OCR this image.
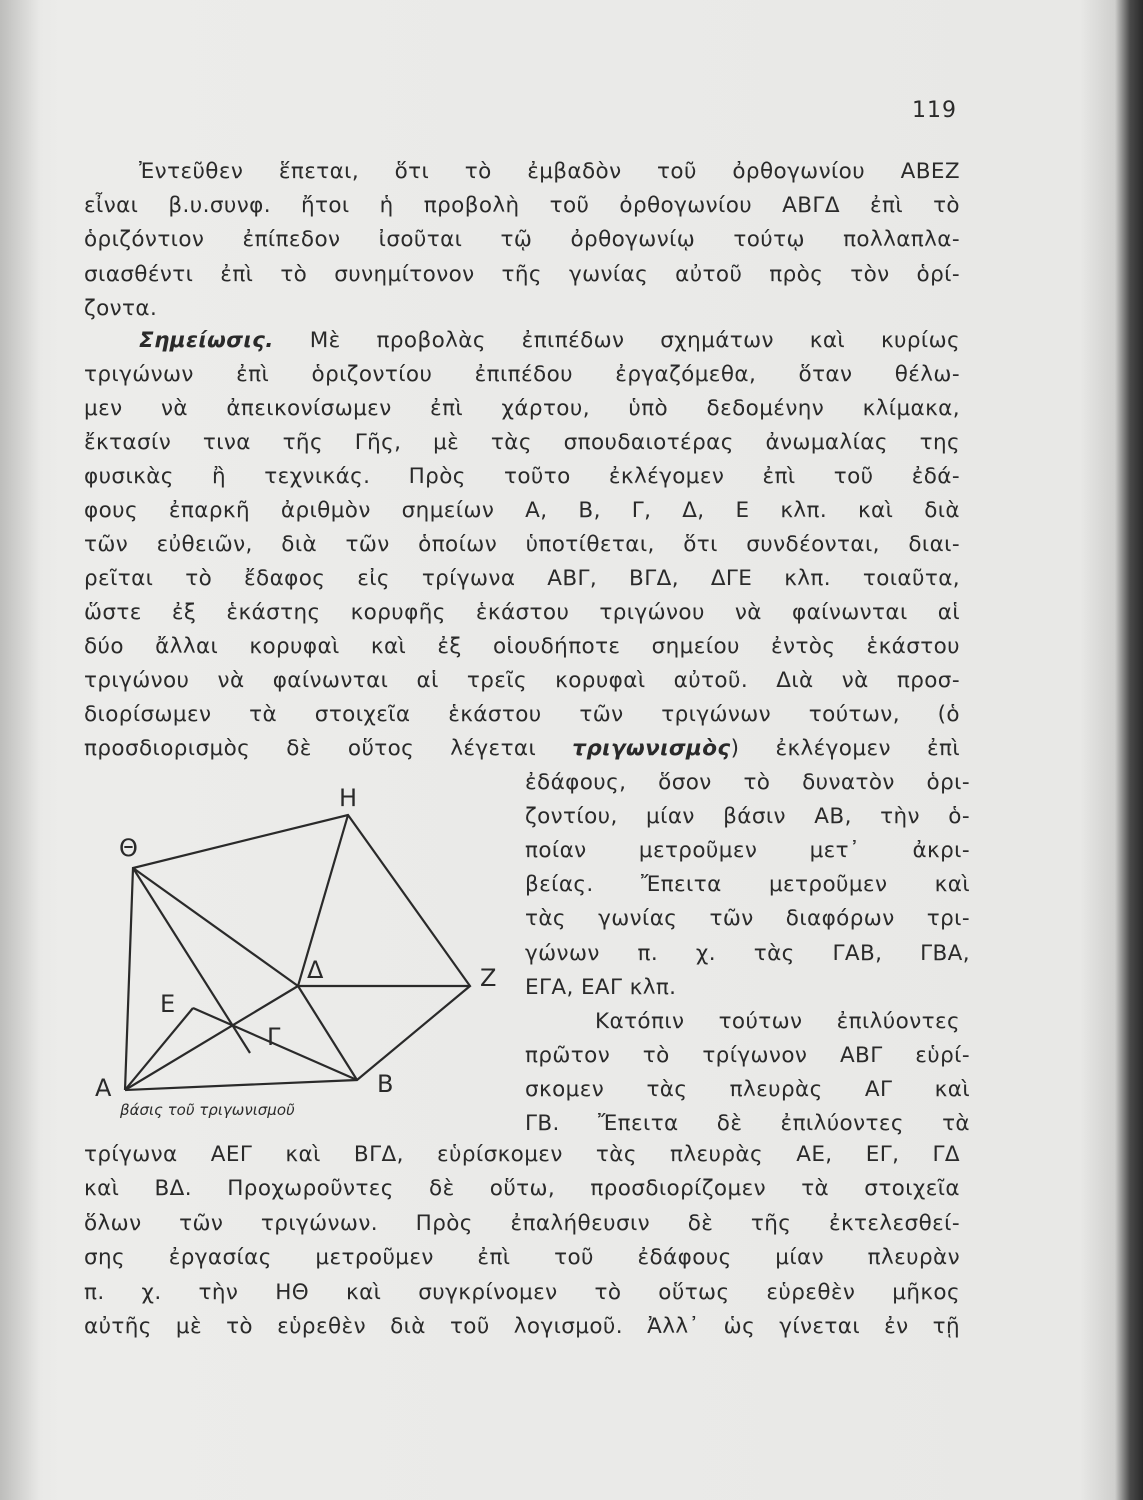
119
Ἐντεῦθεν ἕπεται, ὅτι τὸ ἐμβαδὸν τοῦ ὀρθογωνίου ΑΒΕΖ
εἶναι β.υ.συνφ. ἤτοι ἡ προβολὴ τοῦ ὀρθογωνίου ΑΒΓΔ ἐπὶ τὸ
ὁριζόντιον ἐπίπεδον ἰσοῦται τῷ ὀρθογωνίῳ τούτῳ πολλαπλα-
σιασθέντι ἐπὶ τὸ συνημίτονον τῆς γωνίας αὐτοῦ πρὸς τὸν ὁρί-
ζοντα.
Σημείωσις. Μὲ προβολὰς ἐπιπέδων σχημάτων καὶ κυρίως
τριγώνων ἐπὶ ὁριζοντίου ἐπιπέδου ἐργαζόμεθα, ὅταν θέλω-
μεν νὰ ἀπεικονίσωμεν ἐπὶ χάρτου, ὑπὸ δεδομένην κλίμακα,
ἔκτασίν τινα τῆς Γῆς, μὲ τὰς σπουδαιοτέρας ἀνωμαλίας της
φυσικὰς ἢ τεχνικάς. Πρὸς τοῦτο ἐκλέγομεν ἐπὶ τοῦ ἐδά-
φους ἐπαρκῆ ἀριθμὸν σημείων Α, Β, Γ, Δ, Ε κλπ. καὶ διὰ
τῶν εὐθειῶν, διὰ τῶν ὁποίων ὑποτίθεται, ὅτι συνδέονται, διαι-
ρεῖται τὸ ἔδαφος εἰς τρίγωνα ΑΒΓ, ΒΓΔ, ΔΓΕ κλπ. τοιαῦτα,
ὥστε ἐξ ἑκάστης κορυφῆς ἑκάστου τριγώνου νὰ φαίνωνται αἱ
δύο ἄλλαι κορυφαὶ καὶ ἐξ οἱουδήποτε σημείου ἐντὸς ἑκάστου
τριγώνου νὰ φαίνωνται αἱ τρεῖς κορυφαὶ αὐτοῦ. Διὰ νὰ προσ-
διορίσωμεν τὰ στοιχεῖα ἑκάστου τῶν τριγώνων τούτων, (ὁ
προσδιορισμὸς δὲ οὕτος λέγεται τριγωνισμὸς) ἐκλέγομεν ἐπὶ
ἐδάφους, ὅσον τὸ δυνατὸν ὁρι-
ζοντίου, μίαν βάσιν ΑΒ, τὴν ὁ-
ποίαν μετροῦμεν μετ᾽ ἀκρι-
βείας. Ἔπειτα μετροῦμεν καὶ
τὰς γωνίας τῶν διαφόρων τρι-
γώνων π. χ. τὰς ΓΑΒ, ΓΒΑ,
ΕΓΑ, ΕΑΓ κλπ.
Κατόπιν τούτων ἐπιλύοντες
πρῶτον τὸ τρίγωνον ΑΒΓ εὑρί-
σκομεν τὰς πλευρὰς ΑΓ καὶ
ΓΒ. Ἔπειτα δὲ ἐπιλύοντες τὰ
Η
Θ
Δ	Ζ
Ε
Γ
Α	Β
βάσις τοῦ τριγωνισμοῦ
τρίγωνα ΑΕΓ καὶ ΒΓΔ, εὑρίσκομεν τὰς πλευρὰς ΑΕ, ΕΓ, ΓΔ
καὶ ΒΔ. Προχωροῦντες δὲ οὕτω, προσδιορίζομεν τὰ στοιχεῖα
ὅλων τῶν τριγώνων. Πρὸς ἐπαλήθευσιν δὲ τῆς ἐκτελεσθεί-
σης ἐργασίας μετροῦμεν ἐπὶ τοῦ ἐδάφους μίαν πλευρὰν
π. χ. τὴν ΗΘ καὶ συγκρίνομεν τὸ οὕτως εὑρεθὲν μῆκος
αὐτῆς μὲ τὸ εὑρεθὲν διὰ τοῦ λογισμοῦ. Ἀλλ᾽ ὡς γίνεται ἐν τῇ
